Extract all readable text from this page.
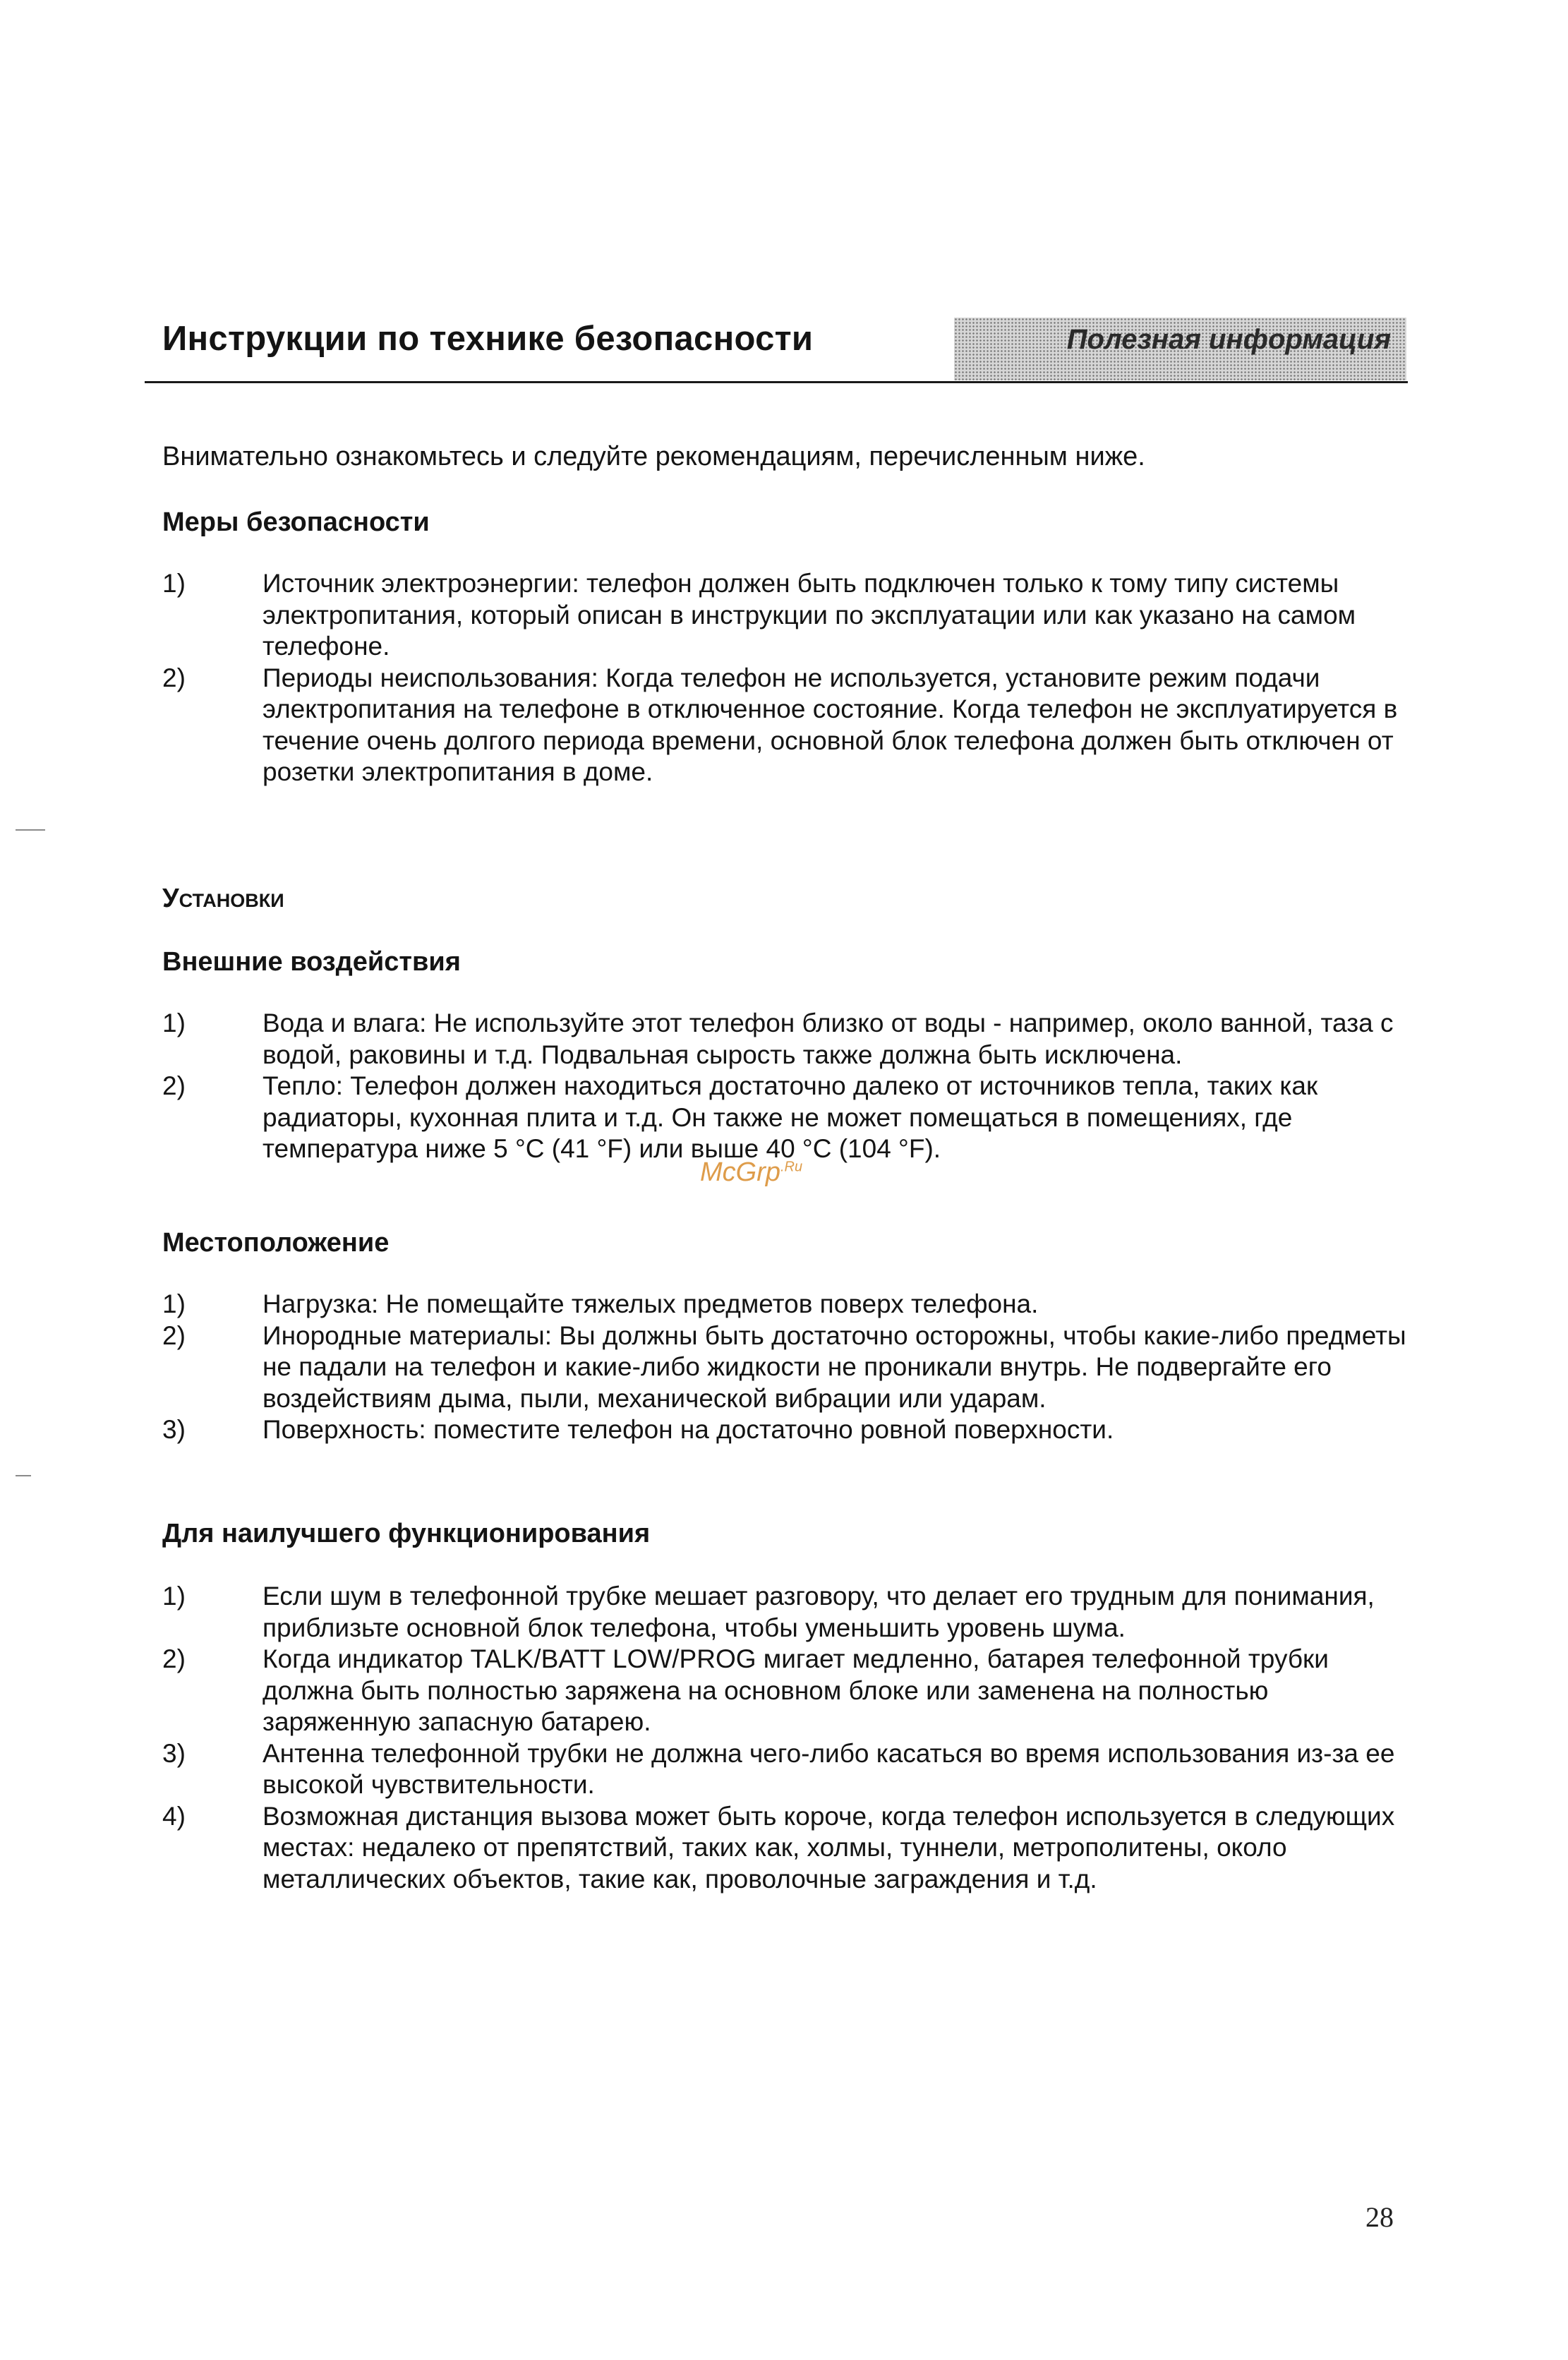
Инструкции по технике безопасности	Полезная информация

Внимательно ознакомьтесь и следуйте рекомендациям, перечисленным ниже.

Меры безопасности
1)	Источник электроэнергии: телефон должен быть подключен только к тому типу системы электропитания, который описан в инструкции по эксплуатации или как указано на самом телефоне.
2)	Периоды неиспользования: Когда телефон не используется, установите режим подачи электропитания на телефоне в отключенное состояние. Когда телефон не эксплуатируется в течение очень долгого периода времени, основной блок телефона должен быть отключен от розетки электропитания в доме.
Установки
Внешние воздействия
1)	Вода и влага: Не используйте этот телефон близко от воды - например, около ванной, таза с водой, раковины и т.д. Подвальная сырость также должна быть исключена.
2)	Тепло: Телефон должен находиться достаточно далеко от источников тепла, таких как радиаторы, кухонная плита и т.д. Он также не может помещаться в помещениях, где температура ниже 5 °C (41 °F) или выше 40 °C (104 °F).
Местоположение
1)	Нагрузка: Не помещайте тяжелых предметов поверх телефона.
2)	Инородные материалы: Вы должны быть достаточно осторожны, чтобы какие-либо предметы не падали на телефон и какие-либо жидкости не проникали внутрь. Не подвергайте его воздействиям дыма, пыли, механической вибрации или ударам.
3)	Поверхность: поместите телефон на достаточно ровной поверхности.
Для наилучшего функционирования
1)	Если шум в телефонной трубке мешает разговору, что делает его трудным для понимания, приблизьте основной блок телефона, чтобы уменьшить уровень шума.
2)	Когда индикатор TALK/BATT LOW/PROG мигает медленно, батарея телефонной трубки должна быть полностью заряжена на основном блоке или заменена на полностью заряженную запасную батарею.
3)	Антенна телефонной трубки не должна чего-либо касаться во время использования из-за ее высокой чувствительности.
4)	Возможная дистанция вызова может быть короче, когда телефон используется в следующих местах: недалеко от препятствий, таких как, холмы, туннели, метрополитены, около металлических объектов, такие как, проволочные заграждения и т.д.
McGrp$^{.Ru}$

28
